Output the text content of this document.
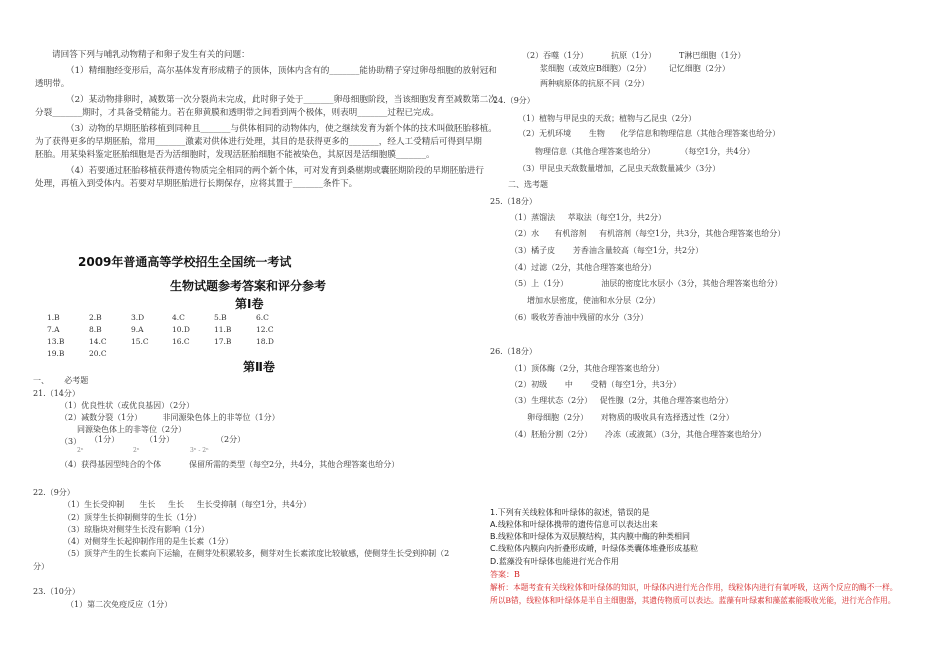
请回答下列与哺乳动物精子和卵子发生有关的问题：
（1）精细胞经变形后，高尔基体发育形成精子的顶体，顶体内含有的_______能协助精子穿过卵母细胞的放射冠和
透明带。
（2）某动物排卵时，减数第一次分裂尚未完成，此时卵子处于_______卵母细胞阶段，当该细胞发育至减数第二次
分裂_______期时，才具备受精能力。若在卵黄膜和透明带之间看到两个极体，则表明_______过程已完成。
（3）动物的早期胚胎移植到同种且_______与供体相同的动物体内，使之继续发育为新个体的技术叫做胚胎移植。
为了获得更多的早期胚胎，常用_______激素对供体进行处理，其目的是获得更多的_______，经人工受精后可得到早期
胚胎。用某染料鉴定胚胎细胞是否为活细胞时，发现活胚胎细胞不能被染色，其原因是活细胞膜_______。
（4）若要通过胚胎移植获得遗传物质完全相同的两个新个体，可对发育到桑椹期或囊胚期阶段的早期胚胎进行
处理，再植入到受体内。若要对早期胚胎进行长期保存，应将其置于_______条件下。
2009年普通高等学校招生全国统一考试
生物试题参考答案和评分参考
第Ⅰ卷
1.B	2.B	3.D	4.C	5.B	6.C
7.A	8.B	9.A	10.D	11.B	12.C
13.B	14.C	15.C	16.C	17.B	18.D
19.B	20.C
第Ⅱ卷
一、      必考题
21.（14分）
（1）优良性状（或优良基因）（2分）
（2）减数分裂（1分）        非同源染色体上的非等位（1分）
同源染色体上的非等位（2分）
（3） （1分）	（1分）	（2分）
2ⁿ	2ⁿ	3ⁿ - 2ⁿ
（4）获得基因型纯合的个体           保留所需的类型（每空2分，共4分，其他合理答案也给分）
22.（9分）
（1）生长受抑制      生长     生长     生长受抑制（每空1分，共4分）
（2）顶芽生长抑制侧芽的生长（1分）
（3）琼脂块对侧芽生长没有影响（1分）
（4）对侧芽生长起抑制作用的是生长素（1分）
（5）顶芽产生的生长素向下运输，在侧芽处积累较多，侧芽对生长素浓度比较敏感，使侧芽生长受到抑制（2
分）
23.（10分）
（1）第二次免疫反应（1分）
（2）吞噬（1分）         抗原（1分）         T淋巴细胞（1分）
浆细胞（或效应B细胞）（2分）       记忆细胞（2分）
两种病原体的抗原不同（2分）
24.（9分）
（1）植物与甲昆虫的天敌；植物与乙昆虫（2分）
（2）无机环境       生物      化学信息和物理信息（其他合理答案也给分）
物理信息（其他合理答案也给分）          （每空1分，共4分）
（3）甲昆虫天敌数量增加，乙昆虫天敌数量减少（3分）
二、选考题
25.（18分）
（1）蒸馏法     萃取法（每空1分，共2分）
（2）水      有机溶剂     有机溶剂（每空1分，共3分，其他合理答案也给分）
（3）橘子皮       芳香油含量较高（每空1分，共2分）
（4）过滤（2分，其他合理答案也给分）
（5）上（1分）             油层的密度比水层小（3分，其他合理答案也给分）
增加水层密度，使油和水分层（2分）
（6）吸收芳香油中残留的水分（3分）
26.（18分）
（1）顶体酶（2分，其他合理答案也给分）
（2）初级       中       受精（每空1分，共3分）
（3）生理状态（2分）   促性腺（2分，其他合理答案也给分）
卵母细胞（2分）     对物质的吸收具有选择透过性（2分）
（4）胚胎分割（2分）     冷冻（或液氮）（3分，其他合理答案也给分）
1.下列有关线粒体和叶绿体的叙述，错误的是
A.线粒体和叶绿体携带的遗传信息可以表达出来
B.线粒体和叶绿体为双层膜结构，其内膜中酶的种类相同
C.线粒体内膜向内折叠形成嵴，叶绿体类囊体堆叠形成基粒
D.蓝藻没有叶绿体也能进行光合作用
答案：B
解析：本题考查有关线粒体和叶绿体的知识，叶绿体内进行光合作用，线粒体内进行有氧呼吸，这两个反应的酶不一样。
所以B错，线粒体和叶绿体是半自主细胞器，其遗传物质可以表达。蓝藻有叶绿素和藻蓝素能吸收光能，进行光合作用。
